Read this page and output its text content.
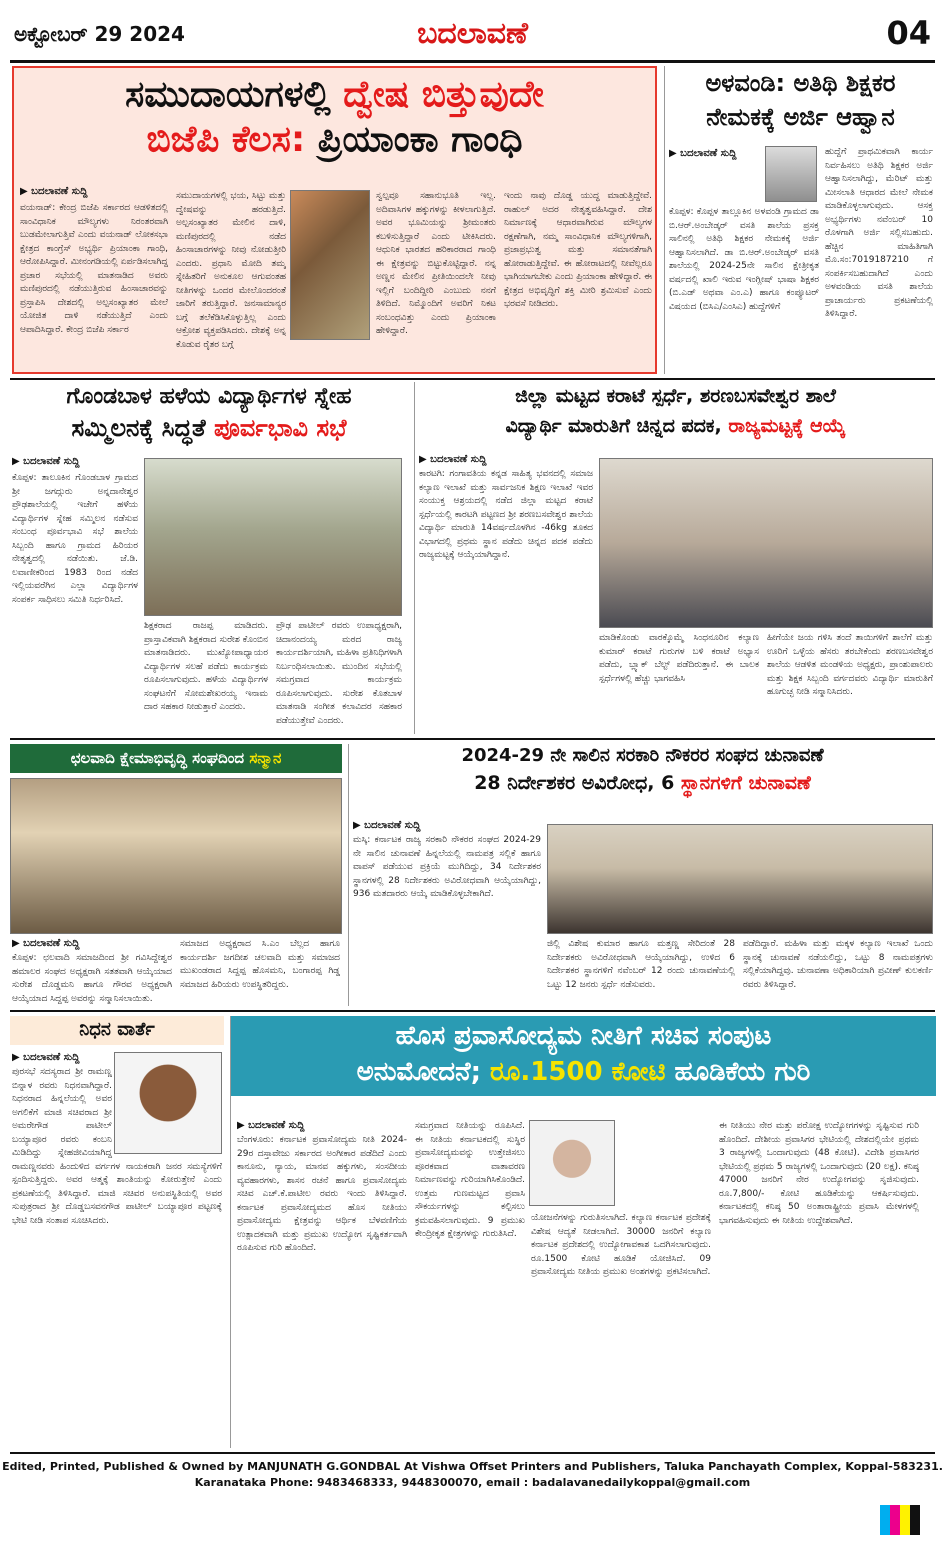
ಅಕ್ಟೋಬರ್ 29 2024	ಬದಲಾವಣೆ	04
ಸಮುದಾಯಗಳಲ್ಲಿ ದ್ವೇಷ ಬಿತ್ತುವುದೇ
ಬಿಜೆಪಿ ಕೆಲಸ: ಪ್ರಿಯಾಂಕಾ ಗಾಂಧಿ
▶ ಬದಲಾವಣೆ ಸುದ್ದಿ
ವಯನಾಡ್: ಕೇಂದ್ರ ಬಿಜೆಪಿ ಸರ್ಕಾರದ ಆಡಳಿತದಲ್ಲಿ ಸಾಂವಿಧಾನಿಕ ಮೌಲ್ಯಗಳು ನಿರಂತರವಾಗಿ ಬುಡಮೇಲಾಗುತ್ತಿವೆ ಎಂದು ವಯನಾಡ್ ಲೋಕಸಭಾ ಕ್ಷೇತ್ರದ ಕಾಂಗ್ರೆಸ್ ಅಭ್ಯರ್ಥಿ ಪ್ರಿಯಾಂಕಾ ಗಾಂಧಿ, ಆರೋಪಿಸಿದ್ದಾರೆ. ಮೀನಂಗಡಿಯಲ್ಲಿ ಏರ್ಪಡಿಸಲಾಗಿದ್ದ ಪ್ರಚಾರ ಸಭೆಯಲ್ಲಿ ಮಾತನಾಡಿದ ಅವರು ಮಣಿಪುರದಲ್ಲಿ ನಡೆಯುತ್ತಿರುವ ಹಿಂಸಾಚಾರವನ್ನು ಪ್ರಸ್ತಾಪಿಸಿ ದೇಶದಲ್ಲಿ ಅಲ್ಪಸಂಖ್ಯಾತರ ಮೇಲೆ ಯೋಜಿತ ದಾಳಿ ನಡೆಯುತ್ತಿದೆ ಎಂದು ಆಪಾದಿಸಿದ್ದಾರೆ. ಕೇಂದ್ರ ಬಿಜೆಪಿ ಸರ್ಕಾರ
ಸಮುದಾಯಗಳಲ್ಲಿ ಭಯ, ಸಿಟ್ಟು ಮತ್ತು ದ್ವೇಷವನ್ನು ಹರಡುತ್ತಿದೆ. ಅಲ್ಪಸಂಖ್ಯಾತರ ಮೇಲಿನ ದಾಳಿ, ಮಣಿಪುರದಲ್ಲಿ ನಡೆದ ಹಿಂಸಾಚಾರಗಳನ್ನು ನೀವು ನೋಡುತ್ತೀರಿ ಎಂದರು. ಪ್ರಧಾನಿ ಮೋದಿ ತಮ್ಮ ಸ್ನೇಹಿತರಿಗೆ ಅನುಕೂಲ ಆಗುವಂತಹ ನೀತಿಗಳನ್ನು ಒಂದರ ಮೇಲೊಂದರಂತೆ ಜಾರಿಗೆ ತರುತ್ತಿದ್ದಾರೆ. ಜನಸಾಮಾನ್ಯರ ಬಗ್ಗೆ ತಲೆಕೆಡಿಸಿಕೊಳ್ಳುತ್ತಿಲ್ಲ ಎಂದು ಆಕ್ರೋಶ ವ್ಯಕ್ತಪಡಿಸಿದರು. ದೇಶಕ್ಕೆ ಅನ್ನ ಕೊಡುವ ರೈತರ ಬಗ್ಗೆ
ಸ್ವಲ್ಪವೂ ಸಹಾನುಭೂತಿ ಇಲ್ಲ. ಅದಿವಾಸಿಗಳ ಹಕ್ಕುಗಳನ್ನು ಕೀಳಲಾಗುತ್ತಿದೆ. ಅವರ ಭೂಮಿಯನ್ನು ಶ್ರೀಮಂತರು ಕಬಳಿಸುತ್ತಿದ್ದಾರೆ ಎಂದು ಟೀಕಿಸಿದರು. ಆಧುನಿಕ ಭಾರತದ ಹರಿಕಾರರಾದ ಗಾಂಧಿ ಈ ಕ್ಷೇತ್ರವನ್ನು ಬಿಟ್ಟುಕೊಟ್ಟಿದ್ದಾರೆ. ನನ್ನ ಅಣ್ಣನ ಮೇಲಿನ ಪ್ರೀತಿಯಿಂದಲೇ ನೀವು ಇಲ್ಲಿಗೆ ಬಂದಿದ್ದೀರಿ ಎಂಬುದು ನನಗೆ ತಿಳಿದಿದೆ. ನಿಮ್ಮೊಂದಿಗೆ ಅವರಿಗೆ ನಿಕಟ ಸಂಬಂಧವಿತ್ತು ಎಂದು ಪ್ರಿಯಾಂಕಾ ಹೇಳಿದ್ದಾರೆ.
ಇಂದು ನಾವು ದೊಡ್ಡ ಯುದ್ಧ ಮಾಡುತ್ತಿದ್ದೇವೆ. ರಾಹುಲ್ ಅದರ ನೇತೃತ್ವವಹಿಸಿದ್ದಾರೆ. ದೇಶ ನಿರ್ಮಾಣಕ್ಕೆ ಆಧಾರವಾಗಿರುವ ಮೌಲ್ಯಗಳ ರಕ್ಷಣೆಗಾಗಿ, ನಮ್ಮ ಸಾಂವಿಧಾನಿಕ ಮೌಲ್ಯಗಳಿಗಾಗಿ, ಪ್ರಜಾಪ್ರಭುತ್ವ ಮತ್ತು ಸಮಾನತೆಗಾಗಿ ಹೋರಾಡುತ್ತಿದ್ದೇವೆ. ಈ ಹೋರಾಟದಲ್ಲಿ ನೀವೆಲ್ಲರೂ ಭಾಗಿಯಾಗಬೇಕು ಎಂದು ಪ್ರಿಯಾಂಕಾ ಹೇಳಿದ್ದಾರೆ. ಈ ಕ್ಷೇತ್ರದ ಅಭಿವೃದ್ಧಿಗೆ ಶಕ್ತಿ ಮೀರಿ ಶ್ರಮಿಸುವೆ ಎಂದು ಭರವಸೆ ನೀಡಿದರು.
ಅಳವಂಡಿ: ಅತಿಥಿ ಶಿಕ್ಷಕರ
ನೇಮಕಕ್ಕೆ ಅರ್ಜಿ ಆಹ್ವಾನ
▶ ಬದಲಾವಣೆ ಸುದ್ದಿ
ಕೊಪ್ಪಳ: ಕೊಪ್ಪಳ ತಾಲ್ಲೂಕಿನ ಅಳವಂಡಿ ಗ್ರಾಮದ ಡಾ ಬಿ.ಆರ್.ಅಂಬೇಡ್ಕರ್ ವಸತಿ ಶಾಲೆಯ ಪ್ರಸಕ್ತ ಸಾಲಿನಲ್ಲಿ ಅತಿಥಿ ಶಿಕ್ಷಕರ ನೇಮಕಕ್ಕೆ ಅರ್ಜಿ ಆಹ್ವಾನಿಸಲಾಗಿದೆ. ಡಾ ಬಿ.ಆರ್.ಅಂಬೇಡ್ಕರ್ ವಸತಿ ಶಾಲೆಯಲ್ಲಿ 2024-25ನೇ ಸಾಲಿನ ಕ್ಷೇತ್ರೀಕೃತ ವರ್ಷದಲ್ಲಿ ಖಾಲಿ ಇರುವ ಇಂಗ್ಲೀಷ್ ಭಾಷಾ ಶಿಕ್ಷಕರ (ಬಿ.ಎಡ್ ಅಥವಾ ಎಂ.ಎ) ಹಾಗೂ ಕಂಪ್ಯೂಟರ್ ವಿಷಯದ (ಬಿಸಿಎ/ಎಂಸಿಎ) ಹುದ್ದೆಗಳಿಗೆ
ಹುದ್ದೆಗೆ ಪ್ರಾಥಮಿಕವಾಗಿ ಕಾರ್ಯ ನಿರ್ವಹಿಸಲು ಅತಿಥಿ ಶಿಕ್ಷಕರ ಅರ್ಜಿ ಆಹ್ವಾನಿಸಲಾಗಿದ್ದು, ಮೆರಿಟ್ ಮತ್ತು ಮೀಸಲಾತಿ ಆಧಾರದ ಮೇಲೆ ನೇಮಕ ಮಾಡಿಕೊಳ್ಳಲಾಗುವುದು. ಆಸಕ್ತ ಅಭ್ಯರ್ಥಿಗಳು ನವೆಂಬರ್ 10 ರೊಳಗಾಗಿ ಅರ್ಜಿ ಸಲ್ಲಿಸಬಹುದು. ಹೆಚ್ಚಿನ ಮಾಹಿತಿಗಾಗಿ ಮೊ.ಸಂ:7019187210 ಗೆ ಸಂಪರ್ಕಿಸಬಹುದಾಗಿದೆ ಎಂದು ಅಳವಂಡಿಯ ವಸತಿ ಶಾಲೆಯ ಪ್ರಾಚಾರ್ಯರು ಪ್ರಕಟಣೆಯಲ್ಲಿ ತಿಳಿಸಿದ್ದಾರೆ.
ಗೊಂಡಬಾಳ ಹಳೆಯ ವಿದ್ಯಾರ್ಥಿಗಳ ಸ್ನೇಹ
ಸಮ್ಮಿಲನಕ್ಕೆ ಸಿದ್ಧತೆ ಪೂರ್ವಭಾವಿ ಸಭೆ
▶ ಬದಲಾವಣೆ ಸುದ್ದಿ
ಕೊಪ್ಪಳ: ತಾಲೂಕಿನ ಗೊಂಡಬಾಳ ಗ್ರಾಮದ ಶ್ರೀ ಜಗದ್ಗುರು ಅನ್ನದಾನೇಶ್ವರ ಪ್ರೌಢಶಾಲೆಯಲ್ಲಿ ಇಚೇಗೆ ಹಳೆಯ ವಿದ್ಯಾರ್ಥಿಗಳ ಸ್ನೇಹ ಸಮ್ಮಿಲನ ನಡೆಸುವ ಸಂಬಂಧ ಪೂರ್ವಭಾವಿ ಸಭೆ ಶಾಲೆಯ ಸಿಬ್ಬಂದಿ ಹಾಗೂ ಗ್ರಾಮದ ಹಿರಿಯರ ನೇತೃತ್ವದಲ್ಲಿ ನಡೆಯಿತು. ಜೆ.ಡಿ. ಲವಾಣೀಕರಿಂದ 1983 ರಿಂದ ನಡೆದ ಇಲ್ಲಿಯವರೆಗಿನ ಎಲ್ಲಾ ವಿದ್ಯಾರ್ಥಿಗಳ ಸಂಪರ್ಕ ಸಾಧಿಸಲು ಸಮಿತಿ ನಿರ್ಧರಿಸಿದೆ.
ಶಿಕ್ಷಕರಾದ ರಾಜಪ್ಪ ಮಾಡಿದರು. ಪ್ರಾಸ್ತಾವಿಕವಾಗಿ ಶಿಕ್ಷಕರಾದ ಸುರೇಶ ಕೊಂಬಿನ ಮಾತನಾಡಿದರು. ಮುಖ್ಯೋಪಾಧ್ಯಾಯರ ವಿದ್ಯಾರ್ಥಿಗಳ ಸಲಹೆ ಪಡೆದು ಕಾರ್ಯಕ್ರಮ ರೂಪಿಸಲಾಗುವುದು. ಹಳೆಯ ವಿದ್ಯಾರ್ಥಿಗಳ ಸಂಘಟನೆಗೆ ಸೋಮಶೇಖರಯ್ಯ ಇನಾಮ ದಾರ ಸಹಕಾರ ನೀಡುತ್ತಾರೆ ಎಂದರು.
ಪ್ರೌಢ ಪಾಟೀಲ್ ರವರು ಉಪಾಧ್ಯಕ್ಷರಾಗಿ, ಚಿದಾನಂದಯ್ಯ ಮಠದ ರಾಜ್ಯ ಕಾರ್ಯದರ್ಶಿಯಾಗಿ, ಮಹಿಳಾ ಪ್ರತಿನಿಧಿಗಳಾಗಿ ನಿರ್ಬಂಧಿಸಲಾಯಿತು. ಮುಂದಿನ ಸಭೆಯಲ್ಲಿ ಸಮಗ್ರವಾದ ಕಾರ್ಯಕ್ರಮ ರೂಪಿಸಲಾಗುವುದು. ಸುರೇಶ ಕೊತಬಾಳ ಮಾತನಾಡಿ ಸಂಗೀತ ಕಲಾವಿದರ ಸಹಕಾರ ಪಡೆಯುತ್ತೇವೆ ಎಂದರು.
ಜಿಲ್ಲಾ ಮಟ್ಟದ ಕರಾಟೆ ಸ್ಪರ್ಧೆ, ಶರಣಬಸವೇಶ್ವರ ಶಾಲೆ
ವಿದ್ಯಾರ್ಥಿ ಮಾರುತಿಗೆ ಚಿನ್ನದ ಪದಕ, ರಾಜ್ಯಮಟ್ಟಕ್ಕೆ ಆಯ್ಕೆ
▶ ಬದಲಾವಣೆ ಸುದ್ದಿ
ಕಾರಟಗಿ: ಗಂಗಾವತಿಯ ಕನ್ನಡ ಸಾಹಿತ್ಯ ಭವನದಲ್ಲಿ ಸಮಾಜ ಕಲ್ಯಾಣ ಇಲಾಖೆ ಮತ್ತು ಸಾರ್ವಜನಿಕ ಶಿಕ್ಷಣ ಇಲಾಖೆ ಇವರ ಸಂಯುಕ್ತ ಆಶ್ರಯದಲ್ಲಿ ನಡೆದ ಜಿಲ್ಲಾ ಮಟ್ಟದ ಕರಾಟೆ ಸ್ಪರ್ಧೆಯಲ್ಲಿ ಕಾರಟಗಿ ಪಟ್ಟಣದ ಶ್ರೀ ಶರಣಬಸವೇಶ್ವರ ಶಾಲೆಯ ವಿದ್ಯಾರ್ಥಿ ಮಾರುತಿ 14ವರ್ಷದೊಳಗಿನ -46kg ತೂಕದ ವಿಭಾಗದಲ್ಲಿ ಪ್ರಥಮ ಸ್ಥಾನ ಪಡೆದು ಚಿನ್ನದ ಪದಕ ಪಡೆದು ರಾಜ್ಯಮಟ್ಟಕ್ಕೆ ಆಯ್ಕೆಯಾಗಿದ್ದಾನೆ.
ಮಾಡಿಕೊಂಡು ವಾರಕ್ಕೊಮ್ಮೆ ಸಿಂಧನೂರಿನ ಕಲ್ಯಾಣ ಕುಮಾರ್ ಕರಾಟೆ ಗುರುಗಳ ಬಳಿ ಕರಾಟೆ ಅಭ್ಯಾಸ ಪಡೆದು, ಬ್ಲ್ಯಾಕ್ ಬೆಲ್ಟ್ ಪಡೆದಿರುತ್ತಾನೆ. ಈ ಬಾಲಕ ಸ್ಪರ್ಧೆಗಳಲ್ಲಿ ಹೆಚ್ಚು ಭಾಗವಹಿಸಿ
ಹೀಗೆಯೇ ಜಯ ಗಳಿಸಿ ತಂದೆ ತಾಯಿಗಳಿಗೆ ಶಾಲೆಗೆ ಮತ್ತು ಊರಿಗೆ ಒಳ್ಳೆಯ ಹೆಸರು ತರಬೇಕೆಂದು ಶರಣಬಸವೇಶ್ವರ ಶಾಲೆಯ ಆಡಳಿತ ಮಂಡಳಿಯ ಅಧ್ಯಕ್ಷರು, ಪ್ರಾಂಶುಪಾಲರು ಮತ್ತು ಶಿಕ್ಷಕ ಸಿಬ್ಬಂದಿ ವರ್ಗದವರು ವಿದ್ಯಾರ್ಥಿ ಮಾರುತಿಗೆ ಹೂಗುಚ್ಛ ನೀಡಿ ಸನ್ಮಾನಿಸಿದರು.
ಛಲವಾದಿ ಕ್ಷೇಮಾಭಿವೃದ್ಧಿ ಸಂಘದಿಂದ ಸನ್ಮಾನ
▶ ಬದಲಾವಣೆ ಸುದ್ದಿ
ಕೊಪ್ಪಳ: ಛಲವಾದಿ ಸಮಾಜದಿಂದ ಶ್ರೀ ಗವಿಸಿದ್ದೇಶ್ವರ ಹಮಾಲರ ಸಂಘದ ಅಧ್ಯಕ್ಷರಾಗಿ ಸತತವಾಗಿ ಆಯ್ಕೆಯಾದ ಸುರೇಶ ದೊಡ್ಡಮನಿ ಹಾಗೂ ಗೌರವ ಅಧ್ಯಕ್ಷರಾಗಿ ಆಯ್ಕೆಯಾದ ಸಿದ್ದಪ್ಪ ಅವರನ್ನು ಸನ್ಮಾನಿಸಲಾಯಿತು.
ಸಮಾಜದ ಅಧ್ಯಕ್ಷರಾದ ಸಿ.ಎಂ ಬೆಲ್ಲದ ಹಾಗೂ ಕಾರ್ಯದರ್ಶಿ ಜಗದೀಶ ಚಲವಾದಿ ಮತ್ತು ಸಮಾಜದ ಮುಖಂಡರಾದ ಸಿದ್ದಪ್ಪ ಹೊಸಮನಿ, ಬಂಗಾರಪ್ಪ ಗಿಡ್ಡ ಸಮಾಜದ ಹಿರಿಯರು ಉಪಸ್ಥಿತರಿದ್ದರು.
2024-29 ನೇ ಸಾಲಿನ ಸರಕಾರಿ ನೌಕರರ ಸಂಘದ ಚುನಾವಣೆ
28 ನಿರ್ದೇಶಕರ ಅವಿರೋಧ, 6 ಸ್ಥಾನಗಳಿಗೆ ಚುನಾವಣೆ
▶ ಬದಲಾವಣೆ ಸುದ್ದಿ
ಮಸ್ಕಿ: ಕರ್ನಾಟಕ ರಾಜ್ಯ ಸರಕಾರಿ ನೌಕರರ ಸಂಘದ 2024-29 ನೇ ಸಾಲಿನ ಚುನಾವಣೆ ಹಿನ್ನಲೆಯಲ್ಲಿ ನಾಮಪತ್ರ ಸಲ್ಲಿಕೆ ಹಾಗೂ ವಾಪಸ್ ಪಡೆಯುವ ಪ್ರಕ್ರಿಯೆ ಮುಗಿದಿದ್ದು, 34 ನಿರ್ದೇಶಕರ ಸ್ಥಾನಗಳಲ್ಲಿ 28 ನಿರ್ದೇಶಕರು ಅವಿರೋಧವಾಗಿ ಆಯ್ಕೆಯಾಗಿದ್ದು, 936 ಮತದಾರರು ಆಯ್ಕೆ ಮಾಡಿಕೊಳ್ಳಬೇಕಾಗಿದೆ.
ಜಿಲ್ಲಿ ವಿಶೇಷ ಕುಮಾರ ಹಾಗೂ ಮತ್ತಣ್ಣ ಸೇರಿದಂತೆ 28 ನಿರ್ದೇಶಕರು ಅವಿರೋಧವಾಗಿ ಆಯ್ಕೆಯಾಗಿದ್ದು, ಉಳಿದ 6 ನಿರ್ದೇಶಕರ ಸ್ಥಾನಗಳಿಗೆ ನವೆಂಬರ್ 12 ರಂದು ಚುನಾವಣೆಯಲ್ಲಿ ಒಟ್ಟು 12 ಜನರು ಸ್ಪರ್ಧೆ ನಡೆಸುವರು.
ಪಡೆದಿದ್ದಾರೆ. ಮಹಿಳಾ ಮತ್ತು ಮಕ್ಕಳ ಕಲ್ಯಾಣ ಇಲಾಖೆ ಒಂದು ಸ್ಥಾನಕ್ಕೆ ಚುನಾವಣೆ ನಡೆಯಲಿದ್ದು, ಒಟ್ಟು 8 ನಾಮಪತ್ರಗಳು ಸಲ್ಲಿಕೆಯಾಗಿದ್ದವು. ಚುನಾವಣಾ ಅಧಿಕಾರಿಯಾಗಿ ಪ್ರವೀಣ್ ಕುಲಕರ್ಣಿ ರವರು ತಿಳಿಸಿದ್ದಾರೆ.
ನಿಧನ ವಾರ್ತೆ
▶ ಬದಲಾವಣೆ ಸುದ್ದಿ
ಪುರಸಭೆ ಸದಸ್ಯರಾದ ಶ್ರೀ ರಾಮಣ್ಣ ಬಿನ್ನಾಳ ರವರು ನಿಧನವಾಗಿದ್ದಾರೆ. ನಿಧನರಾದ ಹಿನ್ನಲೆಯಲ್ಲಿ ಅವರ ಅಗಲಿಕೆಗೆ ಮಾಜಿ ಸಚಿವರಾದ ಶ್ರೀ ಅಮರೇಗೌಡ ಪಾಟೀಲ್ ಬಯ್ಯಾಪೂರ ರವರು ಕಂಬನಿ ಮಿಡಿದಿದ್ದು ಸ್ನೇಹಜೀವಿಯಾಗಿದ್ದ ರಾಮಣ್ಣನವರು ಹಿಂದುಳಿದ ವರ್ಗಗಳ ನಾಯಕರಾಗಿ ಜನರ ಸಮಸ್ಯೆಗಳಿಗೆ ಸ್ಪಂದಿಸುತ್ತಿದ್ದರು. ಅವರ ಆತ್ಮಕ್ಕೆ ಶಾಂತಿಯನ್ನು ಕೋರುತ್ತೇನೆ ಎಂದು ಪ್ರಕಟಣೆಯಲ್ಲಿ ತಿಳಿಸಿದ್ದಾರೆ. ಮಾಜಿ ಸಚಿವರ ಅನುಪಸ್ಥಿತಿಯಲ್ಲಿ ಅವರ ಸುಪುತ್ರರಾದ ಶ್ರೀ ದೊಡ್ಡಬಸವನಗೌಡ ಪಾಟೀಲ್ ಬಯ್ಯಾಪೂರ ಪಟ್ಟಣಕ್ಕೆ ಭೇಟಿ ನೀಡಿ ಸಂತಾಪ ಸೂಚಿಸಿದರು.
ಹೊಸ ಪ್ರವಾಸೋದ್ಯಮ ನೀತಿಗೆ ಸಚಿವ ಸಂಪುಟ
ಅನುಮೋದನೆ; ರೂ.1500 ಕೋಟಿ ಹೂಡಿಕೆಯ ಗುರಿ
▶ ಬದಲಾವಣೆ ಸುದ್ದಿ
ಬೆಂಗಳೂರು: ಕರ್ನಾಟಕ ಪ್ರವಾಸೋದ್ಯಮ ನೀತಿ 2024-29ರ ದಸ್ತಾವೇಜು ಸರ್ಕಾರದ ಅಂಗೀಕಾರ ಪಡೆದಿದೆ ಎಂದು ಕಾನೂನು, ನ್ಯಾಯ, ಮಾನವ ಹಕ್ಕುಗಳು, ಸಂಸದೀಯ ವ್ಯವಹಾರಗಳು, ಶಾಸನ ರಚನೆ ಹಾಗೂ ಪ್ರವಾಸೋದ್ಯಮ ಸಚಿವ ಎಚ್.ಕೆ.ಪಾಟೀಲ ರವರು ಇಂದು ತಿಳಿಸಿದ್ದಾರೆ. ಕರ್ನಾಟಕ ಪ್ರವಾಸೋದ್ಯಮದ ಹೊಸ ನೀತಿಯು ಪ್ರವಾಸೋದ್ಯಮ ಕ್ಷೇತ್ರವನ್ನು ಆರ್ಥಿಕ ಬೆಳವಣಿಗೆಯ ಉತ್ಪಾದಕವಾಗಿ ಮತ್ತು ಪ್ರಮುಖ ಉದ್ಯೋಗ ಸೃಷ್ಟಿಕರ್ತವಾಗಿ ರೂಪಿಸುವ ಗುರಿ ಹೊಂದಿದೆ.
ಸಮಗ್ರವಾದ ನೀತಿಯನ್ನು ರೂಪಿಸಿದೆ. ಈ ನೀತಿಯ ಕರ್ನಾಟಕದಲ್ಲಿ ಸುಸ್ಥಿರ ಪ್ರವಾಸೋದ್ಯಮವನ್ನು ಉತ್ತೇಜಿಸಲು ಪೂರಕವಾದ ವಾತಾವರಣ ನಿರ್ಮಾಣವನ್ನು ಗುರಿಯಾಗಿಸಿಕೊಂಡಿದೆ. ಉತ್ತಮ ಗುಣಮಟ್ಟದ ಪ್ರವಾಸಿ ಸೌಕರ್ಯಗಳನ್ನು ಕಲ್ಪಿಸಲು ಕ್ರಮವಹಿಸಲಾಗುವುದು. 9 ಪ್ರಮುಖ ಕೇಂದ್ರೀಕೃತ ಕ್ಷೇತ್ರಗಳನ್ನು ಗುರುತಿಸಿದೆ.
ಯೋಜನೆಗಳನ್ನು ಗುರುತಿಸಲಾಗಿದೆ. ಕಲ್ಯಾಣ ಕರ್ನಾಟಕ ಪ್ರದೇಶಕ್ಕೆ ವಿಶೇಷ ಆದ್ಯತೆ ನೀಡಲಾಗಿದೆ. 30000 ಜನರಿಗೆ ಕಲ್ಯಾಣ ಕರ್ನಾಟಕ ಪ್ರದೇಶದಲ್ಲಿ ಉದ್ಯೋಗಾವಕಾಶ ಒದಗಿಸಲಾಗುವುದು. ರೂ.1500 ಕೋಟಿ ಹೂಡಿಕೆ ಯೋಜಿಸಿದೆ. 09 ಪ್ರವಾಸೋದ್ಯಮ ನೀತಿಯ ಪ್ರಮುಖ ಅಂಶಗಳನ್ನು ಪ್ರಕಟಿಸಲಾಗಿದೆ.
ಈ ನೀತಿಯು ನೇರ ಮತ್ತು ಪರೋಕ್ಷ ಉದ್ಯೋಗಗಳನ್ನು ಸೃಷ್ಟಿಸುವ ಗುರಿ ಹೊಂದಿದೆ. ದೇಶೀಯ ಪ್ರವಾಸಿಗರ ಭೇಟಿಯಲ್ಲಿ ದೇಶದಲ್ಲಿಯೇ ಪ್ರಥಮ 3 ರಾಜ್ಯಗಳಲ್ಲಿ ಒಂದಾಗುವುದು (48 ಕೋಟಿ). ವಿದೇಶಿ ಪ್ರವಾಸಿಗರ ಭೇಟಿಯಲ್ಲಿ ಪ್ರಥಮ 5 ರಾಜ್ಯಗಳಲ್ಲಿ ಒಂದಾಗುವುದು (20 ಲಕ್ಷ). ಕನಿಷ್ಠ 47000 ಜನರಿಗೆ ನೇರ ಉದ್ಯೋಗವನ್ನು ಸೃಜಿಸುವುದು. ರೂ.7,800/- ಕೋಟಿ ಹೂಡಿಕೆಯನ್ನು ಆಕರ್ಷಿಸುವುದು. ಕರ್ನಾಟಕದಲ್ಲಿ ಕನಿಷ್ಠ 50 ಅಂತಾರಾಷ್ಟ್ರೀಯ ಪ್ರವಾಸಿ ಮೇಳಗಳಲ್ಲಿ ಭಾಗವಹಿಸುವುದು ಈ ನೀತಿಯ ಉದ್ದೇಶವಾಗಿದೆ.
Edited, Printed, Published & Owned by MANJUNATH G.GONDBAL At Vishwa Offset Printers and Publishers, Taluka Panchayath Complex, Koppal-583231.
Karanataka Phone: 9483468333, 9448300070, email : badalavanedailykoppal@gmail.com
